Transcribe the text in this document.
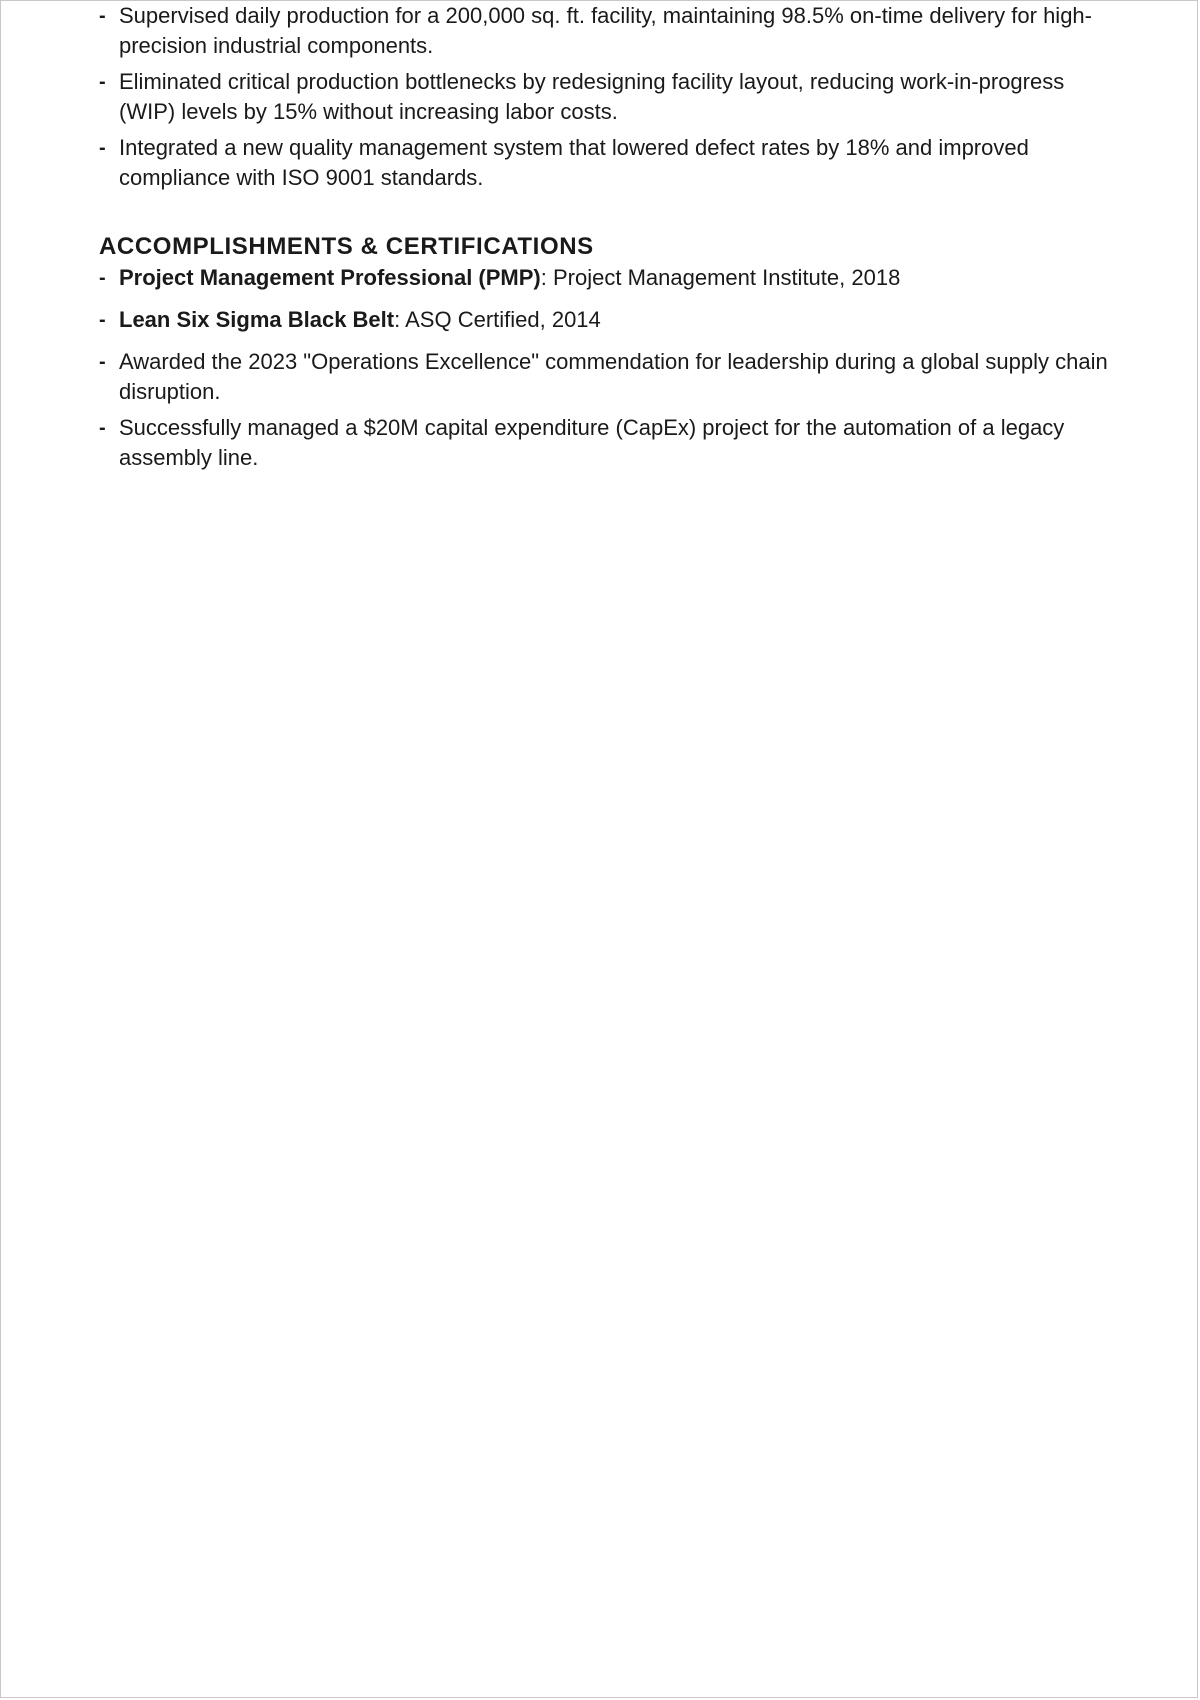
- Supervised daily production for a 200,000 sq. ft. facility, maintaining 98.5% on-time delivery for high-precision industrial components.
- Eliminated critical production bottlenecks by redesigning facility layout, reducing work-in-progress (WIP) levels by 15% without increasing labor costs.
- Integrated a new quality management system that lowered defect rates by 18% and improved compliance with ISO 9001 standards.
ACCOMPLISHMENTS & CERTIFICATIONS
- Project Management Professional (PMP): Project Management Institute, 2018
- Lean Six Sigma Black Belt: ASQ Certified, 2014
- Awarded the 2023 "Operations Excellence" commendation for leadership during a global supply chain disruption.
- Successfully managed a $20M capital expenditure (CapEx) project for the automation of a legacy assembly line.
